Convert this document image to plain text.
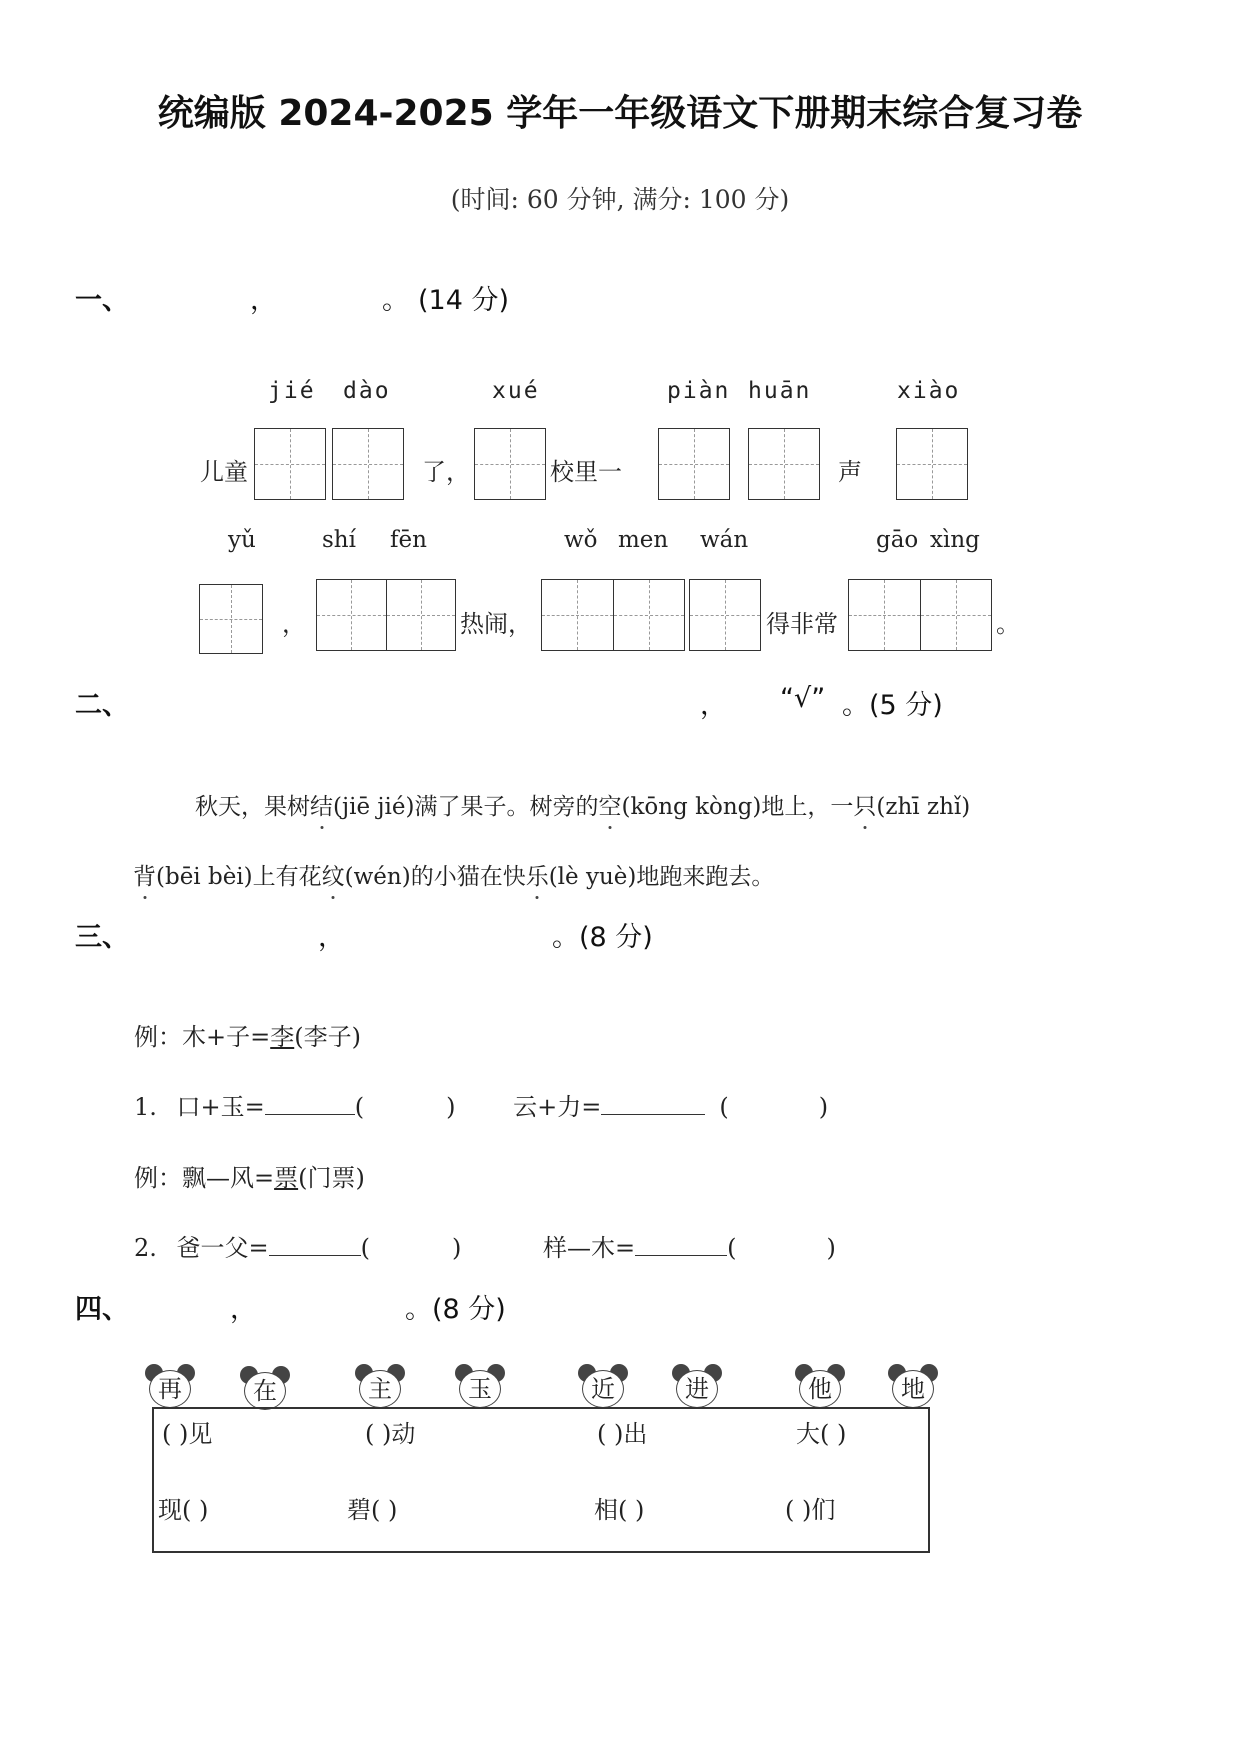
统编版 2024-2025 学年一年级语文下册期末综合复习卷
(时间: 60 分钟, 满分: 100 分)
一、	，	。 (14 分)
jié dào	xué	piàn huān	xiào
儿童	了，	校里一	声
yǔ	shí fēn	wǒ men wán	gāo xìng
，	热闹，	得非常	。
二、	， “√” 。(5 分)
秋天，果树结(jiē jié)满了果子。树旁的空(kōng kòng)地上，一只(zhī zhǐ)
背(bēi bèi)上有花纹(wén)的小猫在快乐(lè yuè)地跑来跑去。
三、	，	。(8 分)
例：木+子=李(李子)
1. 口+玉=	(	) 云+力=	(	)
例：飘—风=票(门票)
2. 爸一父=	(	)	样—木=	(	)
四、	，	。(8 分)
再	在	主	玉	近	进	他	地
( )见	( )动	( )出	大( )
现( )	碧( )	相( )	( )们
